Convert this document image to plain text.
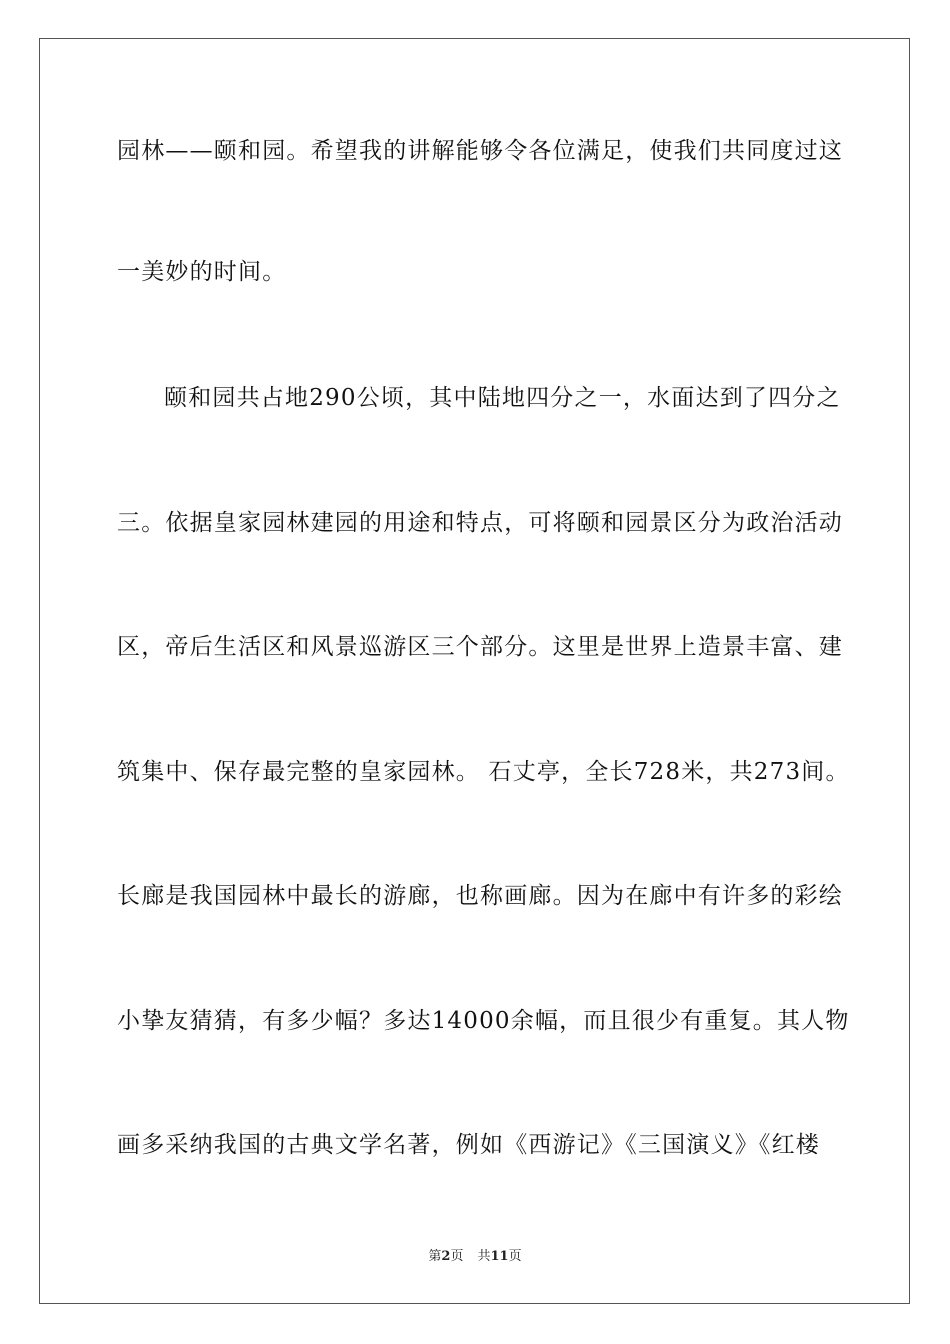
园林——颐和园。希望我的讲解能够令各位满足，使我们共同度过这
一美妙的时间。
颐和园共占地290公顷，其中陆地四分之一，水面达到了四分之
三。依据皇家园林建园的用途和特点，可将颐和园景区分为政治活动
区，帝后生活区和风景巡游区三个部分。这里是世界上造景丰富、建
筑集中、保存最完整的皇家园林。 石丈亭，全长728米，共273间。
长廊是我国园林中最长的游廊，也称画廊。因为在廊中有许多的彩绘
小挚友猜猜，有多少幅？多达14000余幅，而且很少有重复。其人物
画多采纳我国的古典文学名著，例如《西游记》《三国演义》《红楼
第2页 共11页
